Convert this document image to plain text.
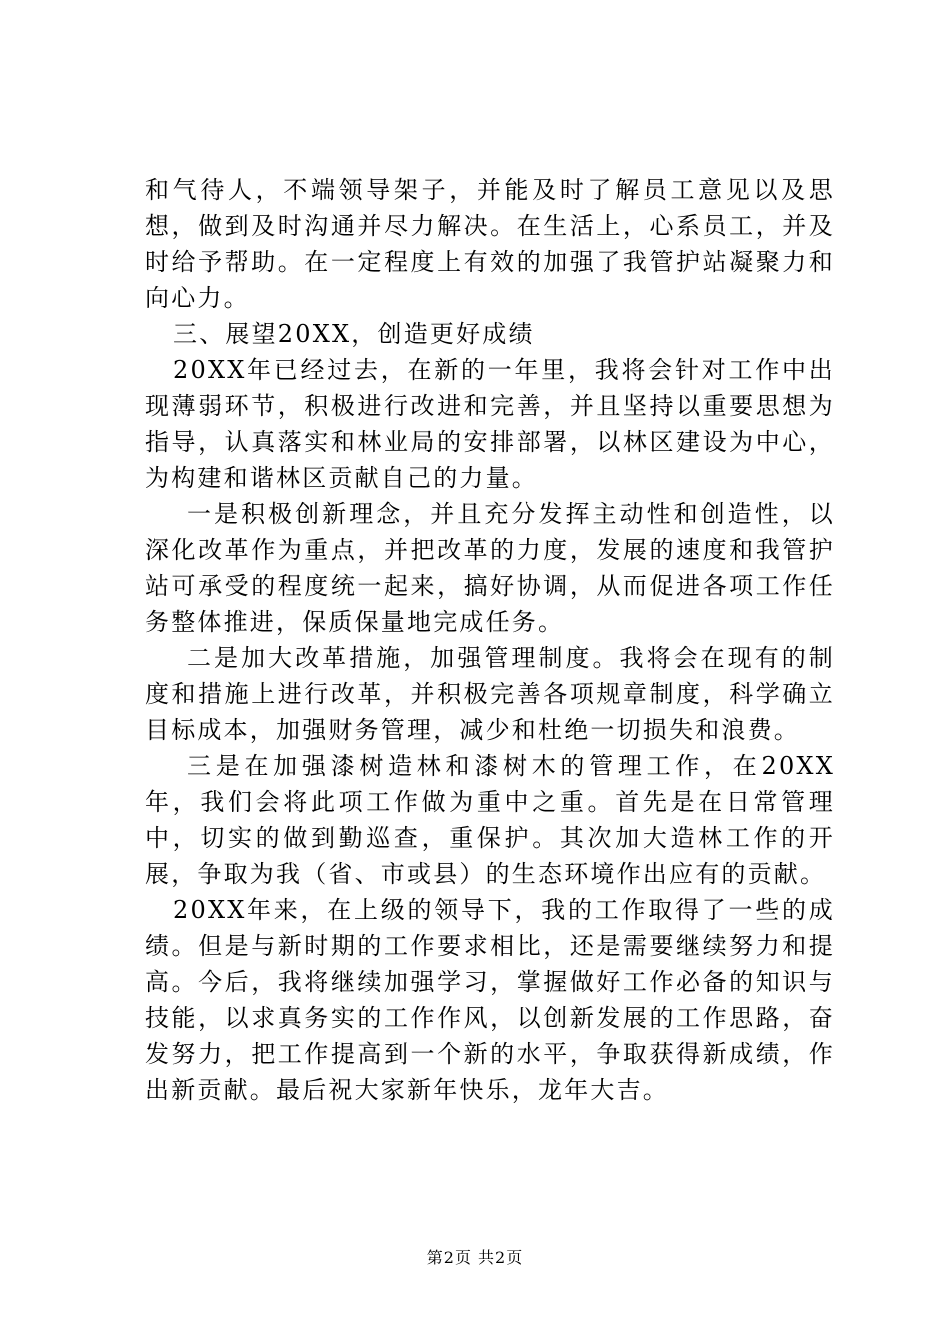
和气待人，不端领导架子，并能及时了解员工意见以及思想，做到及时沟通并尽力解决。在生活上，心系员工，并及时给予帮助。在一定程度上有效的加强了我管护站凝聚力和向心力。

三、展望20XX，创造更好成绩

20XX年已经过去，在新的一年里，我将会针对工作中出现薄弱环节，积极进行改进和完善，并且坚持以重要思想为指导，认真落实和林业局的安排部署，以林区建设为中心，为构建和谐林区贡献自己的力量。

一是积极创新理念，并且充分发挥主动性和创造性，以深化改革作为重点，并把改革的力度，发展的速度和我管护站可承受的程度统一起来，搞好协调，从而促进各项工作任务整体推进，保质保量地完成任务。

二是加大改革措施，加强管理制度。我将会在现有的制度和措施上进行改革，并积极完善各项规章制度，科学确立目标成本，加强财务管理，减少和杜绝一切损失和浪费。

三是在加强漆树造林和漆树木的管理工作，在20XX年，我们会将此项工作做为重中之重。首先是在日常管理中，切实的做到勤巡查，重保护。其次加大造林工作的开展，争取为我（省、市或县）的生态环境作出应有的贡献。

20XX年来，在上级的领导下，我的工作取得了一些的成绩。但是与新时期的工作要求相比，还是需要继续努力和提高。今后，我将继续加强学习，掌握做好工作必备的知识与技能，以求真务实的工作作风，以创新发展的工作思路，奋发努力，把工作提高到一个新的水平，争取获得新成绩，作出新贡献。最后祝大家新年快乐，龙年大吉。

第2页 共2页
